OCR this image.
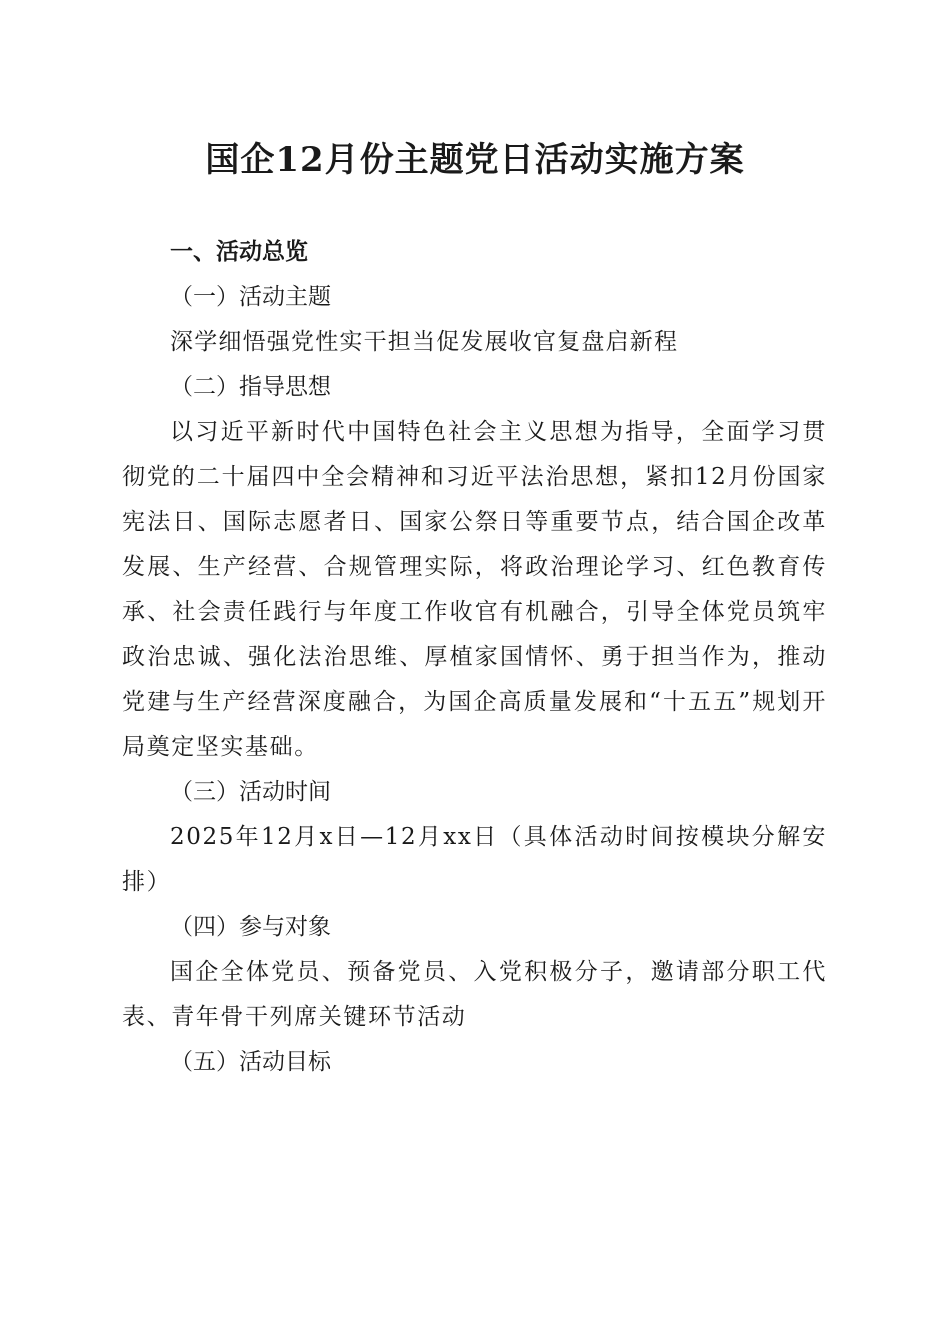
国企12月份主题党日活动实施方案

一、活动总览

（一）活动主题

深学细悟强党性实干担当促发展收官复盘启新程

（二）指导思想

以习近平新时代中国特色社会主义思想为指导，全面学习贯彻党的二十届四中全会精神和习近平法治思想，紧扣12月份国家宪法日、国际志愿者日、国家公祭日等重要节点，结合国企改革发展、生产经营、合规管理实际，将政治理论学习、红色教育传承、社会责任践行与年度工作收官有机融合，引导全体党员筑牢政治忠诚、强化法治思维、厚植家国情怀、勇于担当作为，推动党建与生产经营深度融合，为国企高质量发展和“十五五”规划开局奠定坚实基础。

（三）活动时间

2025年12月x日—12月xx日（具体活动时间按模块分解安排）

（四）参与对象

国企全体党员、预备党员、入党积极分子，邀请部分职工代表、青年骨干列席关键环节活动

（五）活动目标
